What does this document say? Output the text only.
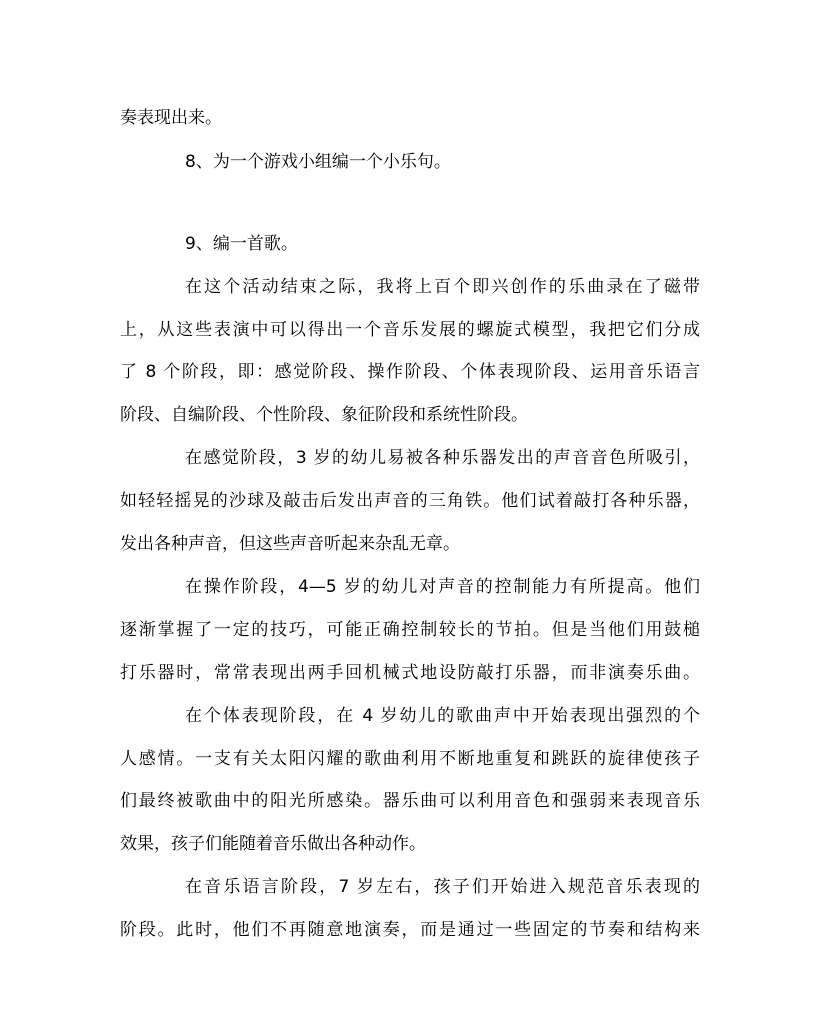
奏表现出来。
8、为一个游戏小组编一个小乐句。
9、编一首歌。
在这个活动结束之际，我将上百个即兴创作的乐曲录在了磁带
上，从这些表演中可以得出一个音乐发展的螺旋式模型，我把它们分成
了 8 个阶段，即：感觉阶段、操作阶段、个体表现阶段、运用音乐语言
阶段、自编阶段、个性阶段、象征阶段和系统性阶段。
在感觉阶段，3 岁的幼儿易被各种乐器发出的声音音色所吸引，
如轻轻摇晃的沙球及敲击后发出声音的三角铁。他们试着敲打各种乐器，
发出各种声音，但这些声音听起来杂乱无章。
在操作阶段，4—5 岁的幼儿对声音的控制能力有所提高。他们
逐渐掌握了一定的技巧，可能正确控制较长的节拍。但是当他们用鼓槌
打乐器时，常常表现出两手回机械式地设防敲打乐器，而非演奏乐曲。
在个体表现阶段，在 4 岁幼儿的歌曲声中开始表现出强烈的个
人感情。一支有关太阳闪耀的歌曲利用不断地重复和跳跃的旋律使孩子
们最终被歌曲中的阳光所感染。器乐曲可以利用音色和强弱来表现音乐
效果，孩子们能随着音乐做出各种动作。
在音乐语言阶段，7 岁左右，孩子们开始进入规范音乐表现的
阶段。此时，他们不再随意地演奏，而是通过一些固定的节奏和结构来
